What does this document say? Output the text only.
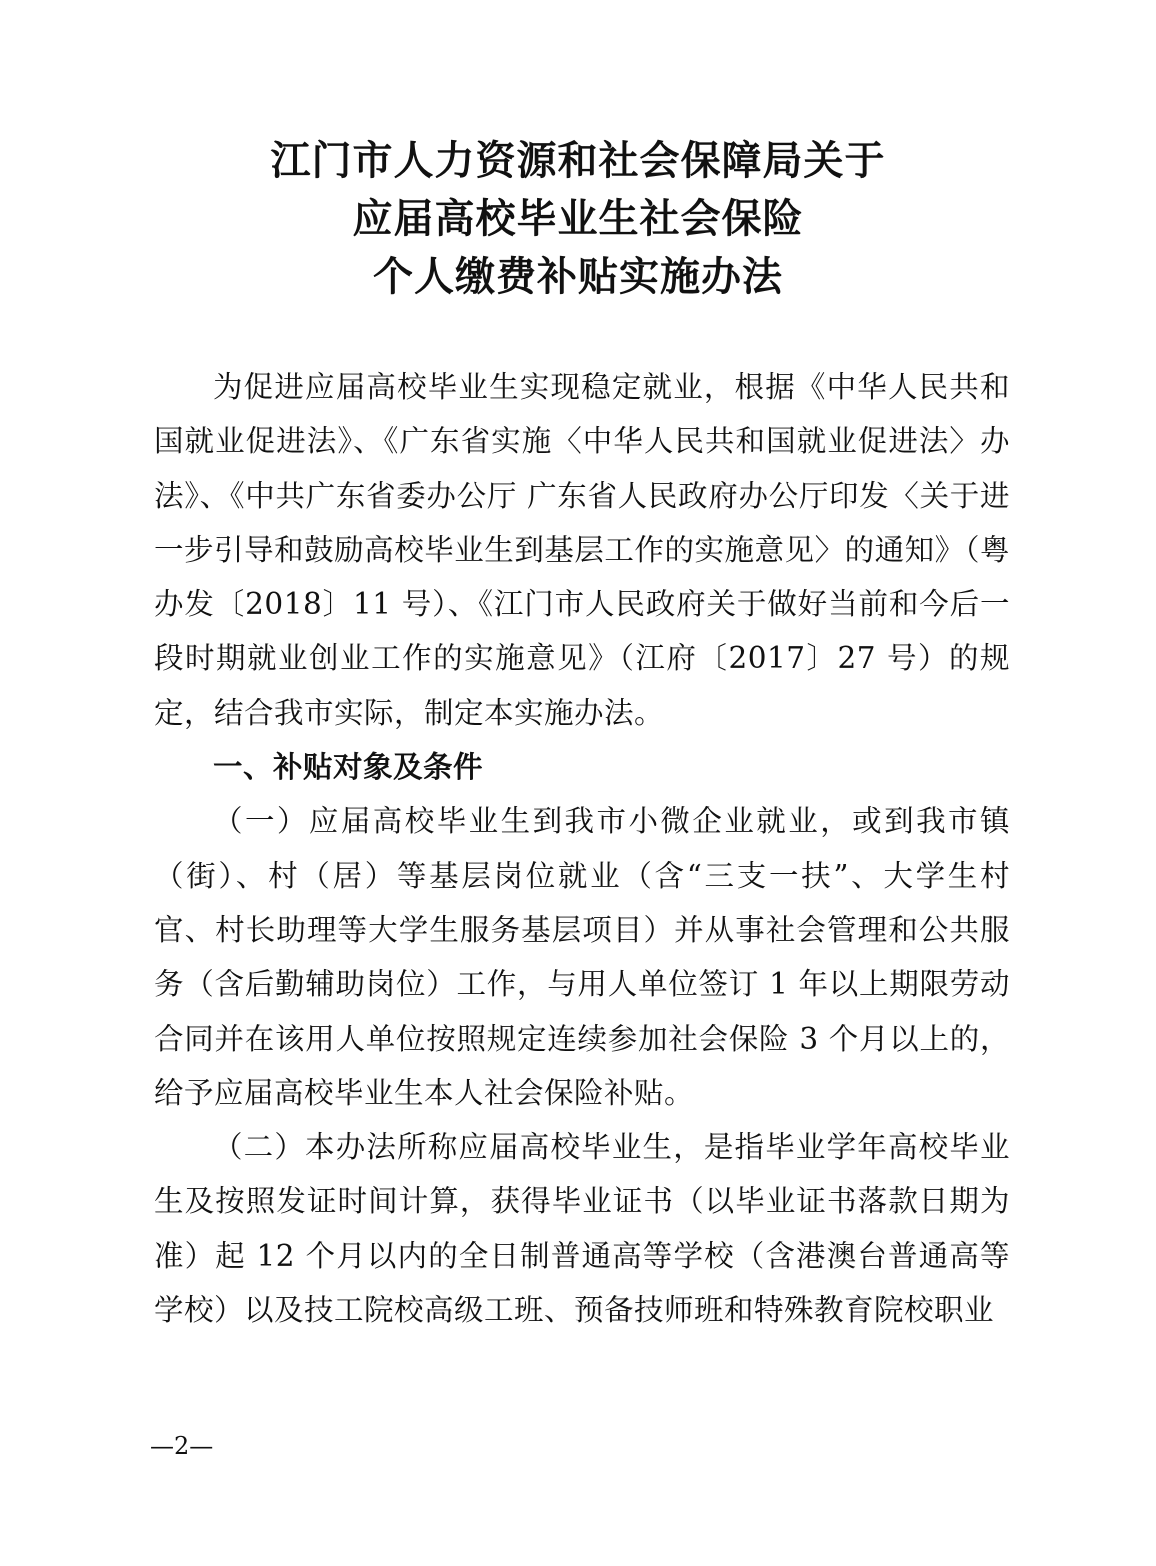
江门市人力资源和社会保障局关于
应届高校毕业生社会保险
个人缴费补贴实施办法

为促进应届高校毕业生实现稳定就业，根据《中华人民共和国就业促进法》、《广东省实施〈中华人民共和国就业促进法〉办法》、《中共广东省委办公厅 广东省人民政府办公厅印发〈关于进一步引导和鼓励高校毕业生到基层工作的实施意见〉的通知》（粤办发〔2018〕11 号）、《江门市人民政府关于做好当前和今后一段时期就业创业工作的实施意见》（江府〔2017〕27 号）的规定，结合我市实际，制定本实施办法。

一、补贴对象及条件

（一）应届高校毕业生到我市小微企业就业，或到我市镇（街）、村（居）等基层岗位就业（含“三支一扶”、大学生村官、村长助理等大学生服务基层项目）并从事社会管理和公共服务（含后勤辅助岗位）工作，与用人单位签订 1 年以上期限劳动合同并在该用人单位按照规定连续参加社会保险 3 个月以上的，给予应届高校毕业生本人社会保险补贴。

（二）本办法所称应届高校毕业生，是指毕业学年高校毕业生及按照发证时间计算，获得毕业证书（以毕业证书落款日期为准）起 12 个月以内的全日制普通高等学校（含港澳台普通高等学校）以及技工院校高级工班、预备技师班和特殊教育院校职业

—2—
